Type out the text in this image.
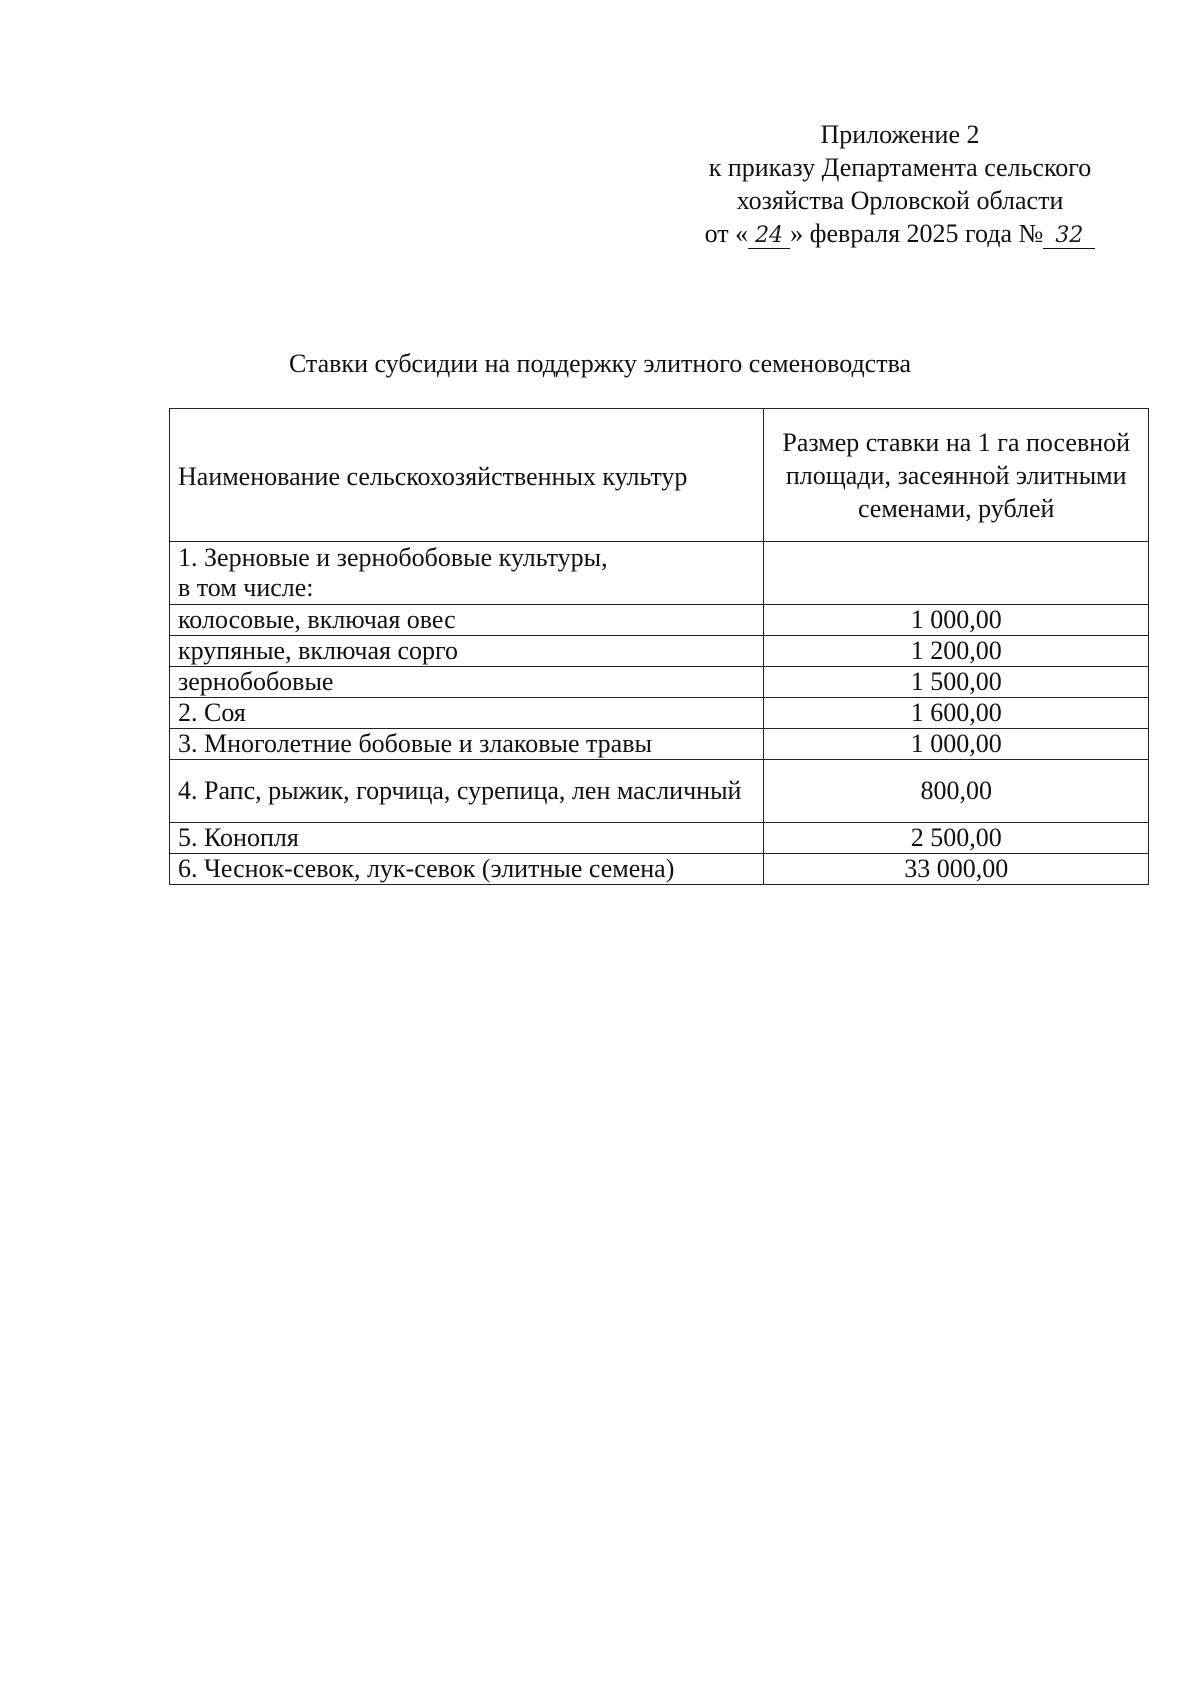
Приложение 2
к приказу Департамента сельского
хозяйства Орловской области
от « 24 » февраля 2025 года № 32
Ставки субсидии на поддержку элитного семеноводства
Наименование сельскохозяйственных культур	Размер ставки на 1 га посевной площади, засеянной элитными семенами, рублей
1. Зерновые и зернобобовые культуры,
в том числе:	
колосовые, включая овес	1 000,00
крупяные, включая сорго	1 200,00
зернобобовые	1 500,00
2. Соя	1 600,00
3. Многолетние бобовые и злаковые травы	1 000,00
4. Рапс, рыжик, горчица, сурепица, лен масличный	800,00
5. Конопля	2 500,00
6. Чеснок-севок, лук-севок (элитные семена)	33 000,00
